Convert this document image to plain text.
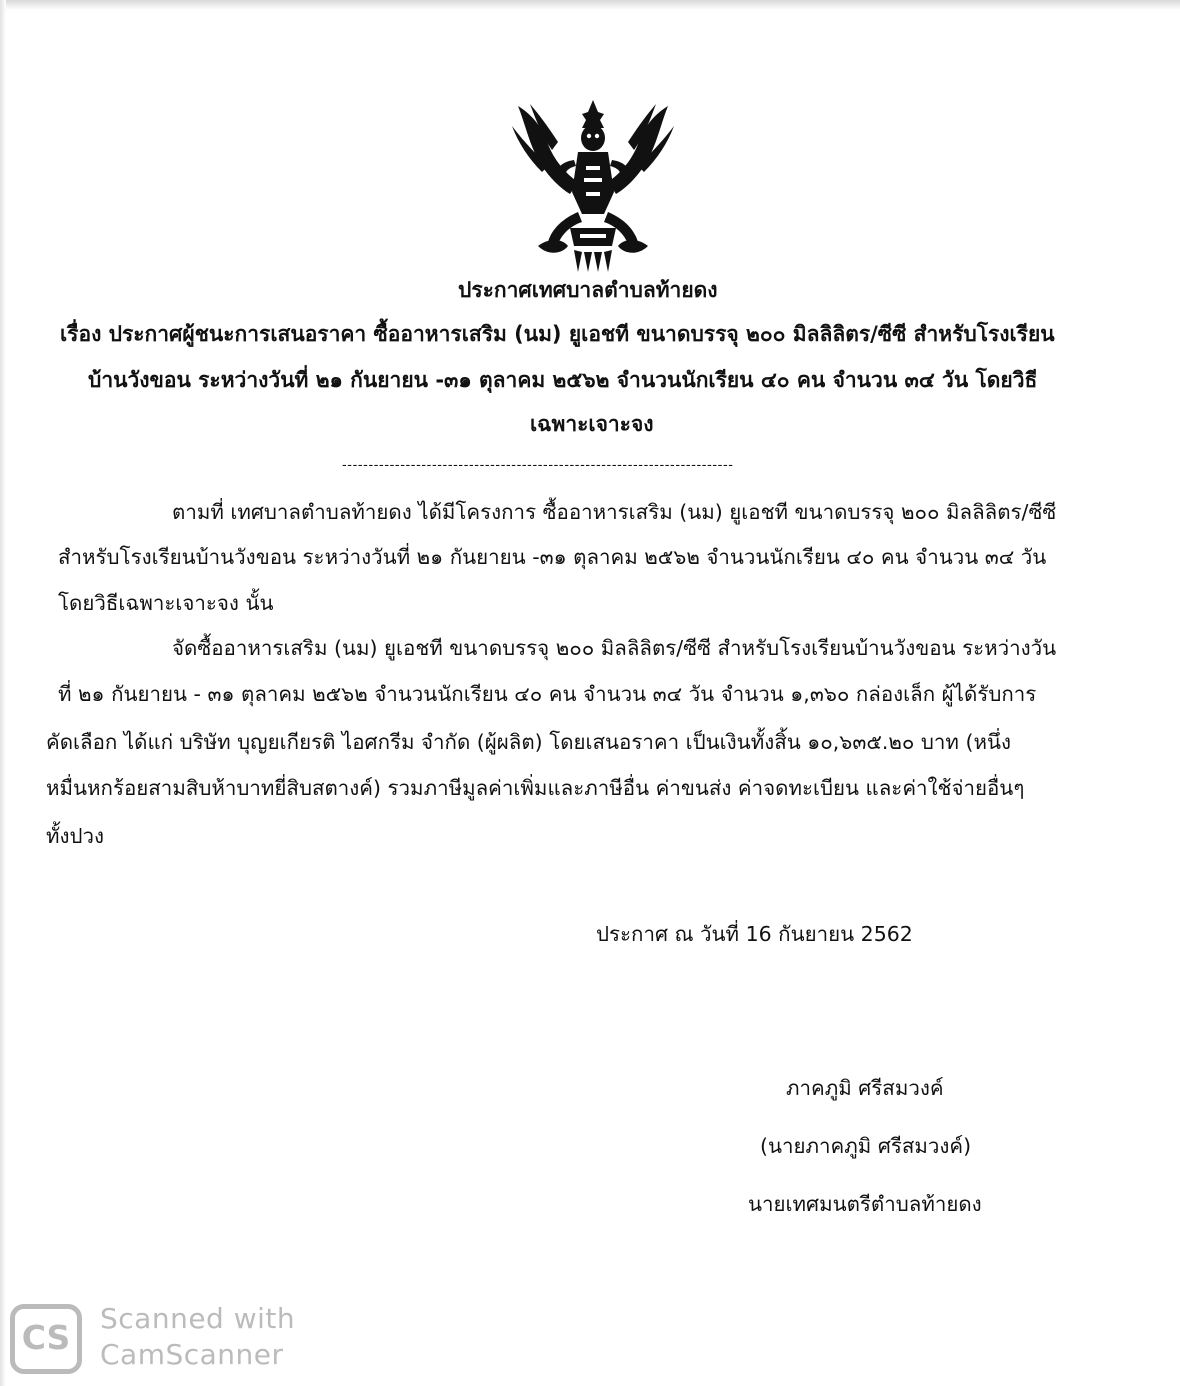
ประกาศเทศบาลตำบลท้ายดง
เรื่อง ประกาศผู้ชนะการเสนอราคา ซื้ออาหารเสริม (นม) ยูเอชที ขนาดบรรจุ ๒๐๐ มิลลิลิตร/ซีซี สำหรับโรงเรียน
บ้านวังขอน ระหว่างวันที่ ๒๑ กันยายน -๓๑ ตุลาคม ๒๕๖๒ จำนวนนักเรียน ๔๐ คน จำนวน ๓๔ วัน โดยวิธี
เฉพาะเจาะจง
--------------------------------------------------------------------------
ตามที่ เทศบาลตำบลท้ายดง ได้มีโครงการ ซื้ออาหารเสริม (นม) ยูเอชที ขนาดบรรจุ ๒๐๐ มิลลิลิตร/ซีซี
สำหรับโรงเรียนบ้านวังขอน ระหว่างวันที่ ๒๑ กันยายน -๓๑ ตุลาคม ๒๕๖๒ จำนวนนักเรียน ๔๐ คน จำนวน ๓๔ วัน
โดยวิธีเฉพาะเจาะจง นั้น
จัดซื้ออาหารเสริม (นม) ยูเอชที ขนาดบรรจุ ๒๐๐ มิลลิลิตร/ซีซี สำหรับโรงเรียนบ้านวังขอน ระหว่างวัน
ที่ ๒๑ กันยายน - ๓๑ ตุลาคม ๒๕๖๒ จำนวนนักเรียน ๔๐ คน จำนวน ๓๔ วัน จำนวน ๑,๓๖๐ กล่องเล็ก ผู้ได้รับการ
คัดเลือก ได้แก่ บริษัท บุญยเกียรติ ไอศกรีม จำกัด (ผู้ผลิต) โดยเสนอราคา เป็นเงินทั้งสิ้น ๑๐,๖๓๕.๒๐ บาท (หนึ่ง
หมื่นหกร้อยสามสิบห้าบาทยี่สิบสตางค์) รวมภาษีมูลค่าเพิ่มและภาษีอื่น ค่าขนส่ง ค่าจดทะเบียน และค่าใช้จ่ายอื่นๆ
ทั้งปวง
ประกาศ ณ วันที่ 16 กันยายน 2562
ภาคภูมิ ศรีสมวงค์
(นายภาคภูมิ ศรีสมวงค์)
นายเทศมนตรีตำบลท้ายดง
CS	Scanned with
CamScanner
